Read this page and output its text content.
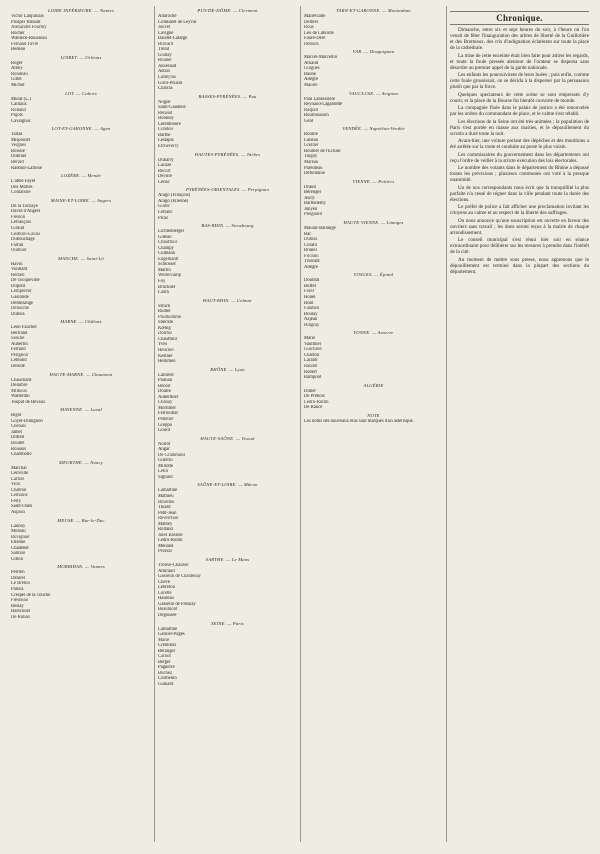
LOIRE INFÉRIEURE. — Nantes
Victor Lanjuinais
Prosper Billault
Alexandre Fourmy
Rocher
Waldeck-Rousseau
Fernand Favre
Bedeau
LOIRET. — Orléans
Roger
Arbey
Rondeau
Gillet
Michot
LOT. — Cahors
Murat (L.)
Caillaux
Rolland
Pujols
Cavaignac
LOT-ET-GARONNE. — Agen
Tartas
Mispoulet
Vergnes
Boissié
Dubruel
Bérard
Radoult-Lafosse
LOZÈRE. — Mende
L'abbé Fayet
Des Molles
Comandré
MAINE-ET-LOIRE. — Angers
De la Tocnaye
David d'Angers
Freslon
Lefrançois
Giraud
Cesbron-Lavau
Dubouchage
Farran
Oudinot
MANCHE. — Saint-Lô
Havin
Vieillard
Reibell
De Tocqueville
Dupont
Lempereur
Gaslonde
Demézange
Delouche
Dubois
MARNE. — Châlons
Léon Faucher
Bertrand
Soullié
Aubertin
Ferrand
Perignon
Leblond
Dérodé
HAUTE-MARNE. — Chaumont
Chauchard
Delarbre
Milhoux
Walferdin
Toupot de Bévaux
MAYENNE. — Laval
Bigot
Goyet-Dubignon
Chenais
Jamet
Dutreil
Boudet
Roussel
Chambolle
MEURTHE. — Nancy
Marchal
Leroville
Laflize
Viox
Charron
Lemoine
Ferry
Saint-Ouen
Aspaux
MEUSE. — Bar-le-Duc
Launoy
Moreau
Buvignier
Etienne
Chadenet
Salmon
Gillon
MORBIHAN. — Vannes
Perrien
Dahirel
Le Breton
Parisis
Crespel de la Touche
Fresneau
Beslay
Harscouët
De Rohan
PUY-DE-DÔME. — Clermont
Altaroche
Combarel de Leyval
Jouvet
Lavigne
Baudet-Lafarge
Bravard
Trélat
Goutay
Rouher
Jusseraud
Astaix
Lasteyras
Girot-Pouzol
Charras
BASSES-PYRÉNÉES. — Pau
Nogué
Saint-Gaudens
Renaud
Boutoey
Leremboure
Condou
Barthe
Lestapis
Etcheverry
HAUTES-PYRÉNÉES. — Tarbes
Dubarry
Lacaze
Recurt
Deville
Cénac
PYRÉNÉES-ORIENTALES. — Perpignan
Arago (François)
Arago (Etienne)
Guiter
Lefranc
Picas
BAS-RHIN. — Strasbourg
Lichtenberger
Glœsin
Chauffour
Champy
Culmann
Engelhardt
Schlosser
Martin
Westercamp
Foy
Bruckner
Lauth
HAUT-RHIN. — Colmar
Struch
Rudler
Prudhomme
Stœcklé
Kœnig
Dollfus
Chauffour
Yves
Heuchel
Kestner
Herkmen
RHÔNE. — Lyon
Laforest
Paulian
Benoît
Doutre
Auberthier
Chanay
Mortimer
Ferrouillat
Pelletier
Greppo
Gourd
HAUTE-SAÔNE. — Vesoul
Noirot
Angar
De Grammont
Guerrin
Millotte
Lélut
Signard
SAÔNE-ET-LOIRE. — Mâcon
Lamartine
Mathieu
Bourdon
Thiard
Petit-Jean
Reverchon
Mathey
Rolland
Jules Bastide
Ledru-Rollin
Menand
Pezerat
SARTHE. — Le Mans
Trouvé-Chauvel
Amiraud
Gasselin de Chantenay
Chevé
Lebreton
Lorette
Hauréau
Gasselin de Fresnay
Beaumont
Degousée
SEINE. — Paris
Lamartine
Garnier-Pagès
Marie
Crémieux
Béranger
Carnot
Berger
Pagnerre
Buchez
Cormenin
Guinard
TARN-ET-GARONNE. — Montauban
Mallevialle
Delbrel
Rous
Léo de Laborde
Faure-Dère
Detours
VAR. — Draguignan
Marcel-Marcellin
Arnaud
Guigues
Baune
Allègre
Maurel
VAUCLUSE. — Avignon
Paul Laboissière
Reynaud-Lagardette
Raspail
Bourbousson
Gent
VENDÉE. — Napoléon-Vendée
Rouillé
Luneau
Grellier
Bouhier de l'Écluse
Tinguy
Mareau
Parenteau
Defontaine
VIENNE. — Poitiers
Drault
Bérenger
Jeudy
Barthélemy
Junyen
Pleignard
HAUTE-VIENNE. — Limoges
Maurat-Ballange
Bac
Dumas
Coralli
Brunel
Frichon
Tixerant
Allègre
VOSGES. — Épinal
Doublat
Buffet
Forel
Houel
Huot
Falatieu
Boulay
Najean
Hingray
YONNE. — Auxerre
Marie
Vaulthier
Guichard
Charton
Larabit
Raudot
Robert
Rampont
ALGÉRIE
Didier
De Prébois
Ledru-Rollin
De Rancé
NOTE
Les noms des nouveaux élus sont marqués d'un astérisque.
Chronique.

Dimanche, entre six et sept heures du soir, à l'heure où l'on venait de fêter l'inauguration des arbres de liberté de la Guillotière et des Brotteaux, des cris d'indignation éclatèrent sur toute la place de la cathédrale.

La mise de cette enceinte était bien faite pour attirer les regards, et toute la foule pressée alentour de l'orateur se dispersa sans désordre au premier appel de la garde nationale.

Les enfants les poursuivirent de leurs huées ; puis enfin, comme cette foule grossissait, on se décida à la disperser par la persuasion plutôt que par la force.

Quelques spectateurs de cette scène se sont empressés d'y courir, et la place de la Bourse fut bientôt couverte de monde.

La compagnie fixée dans le palais de justice a été renouvelée par les ordres du commandant de place, et le calme s'est rétabli.

Les élections de la Seine ont été très-animées ; la population de Paris s'est portée en masse aux mairies, et le dépouillement du scrutin a duré toute la nuit.

Avant-hier, une voiture portant des dépêches et des munitions a été arrêtée sur la route et conduite au poste le plus voisin.

Les commissaires du gouvernement dans les départements ont reçu l'ordre de veiller à la stricte exécution des lois électorales.

Le nombre des votants dans le département du Rhône a dépassé toutes les prévisions ; plusieurs communes ont voté à la presque unanimité.

Un de nos correspondants nous écrit que la tranquillité la plus parfaite n'a cessé de régner dans la ville pendant toute la durée des élections.

Le préfet de police a fait afficher une proclamation invitant les citoyens au calme et au respect de la liberté des suffrages.

On nous annonce qu'une souscription est ouverte en faveur des ouvriers sans travail ; les dons seront reçus à la mairie de chaque arrondissement.

Le conseil municipal s'est réuni hier soir en séance extraordinaire pour délibérer sur les mesures à prendre dans l'intérêt de la cité.

Au moment de mettre sous presse, nous apprenons que le dépouillement est terminé dans la plupart des sections du département.
